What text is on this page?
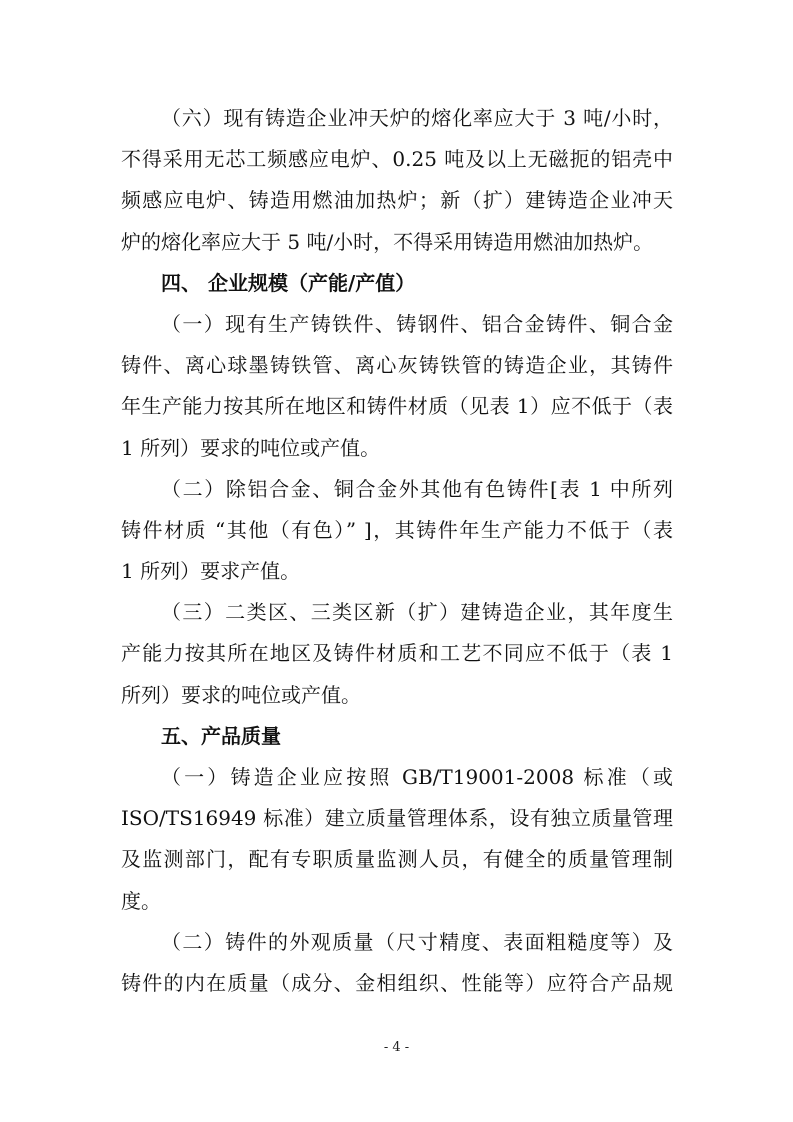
（六）现有铸造企业冲天炉的熔化率应大于 3 吨/小时，
不得采用无芯工频感应电炉、0.25 吨及以上无磁扼的铝壳中
频感应电炉、铸造用燃油加热炉；新（扩）建铸造企业冲天
炉的熔化率应大于 5 吨/小时，不得采用铸造用燃油加热炉。
四、 企业规模（产能/产值）
（一）现有生产铸铁件、铸钢件、铝合金铸件、铜合金
铸件、离心球墨铸铁管、离心灰铸铁管的铸造企业，其铸件
年生产能力按其所在地区和铸件材质（见表 1）应不低于（表
1 所列）要求的吨位或产值。
（二）除铝合金、铜合金外其他有色铸件[表 1 中所列
铸件材质 “其他（有色）” ]，其铸件年生产能力不低于（表
1 所列）要求产值。
（三）二类区、三类区新（扩）建铸造企业，其年度生
产能力按其所在地区及铸件材质和工艺不同应不低于（表 1
所列）要求的吨位或产值。
五、产品质量
（一）铸造企业应按照 GB/T19001-2008 标准（或
ISO/TS16949 标准）建立质量管理体系，设有独立质量管理
及监测部门，配有专职质量监测人员，有健全的质量管理制
度。
（二）铸件的外观质量（尺寸精度、表面粗糙度等）及
铸件的内在质量（成分、金相组织、性能等）应符合产品规
- 4 -
